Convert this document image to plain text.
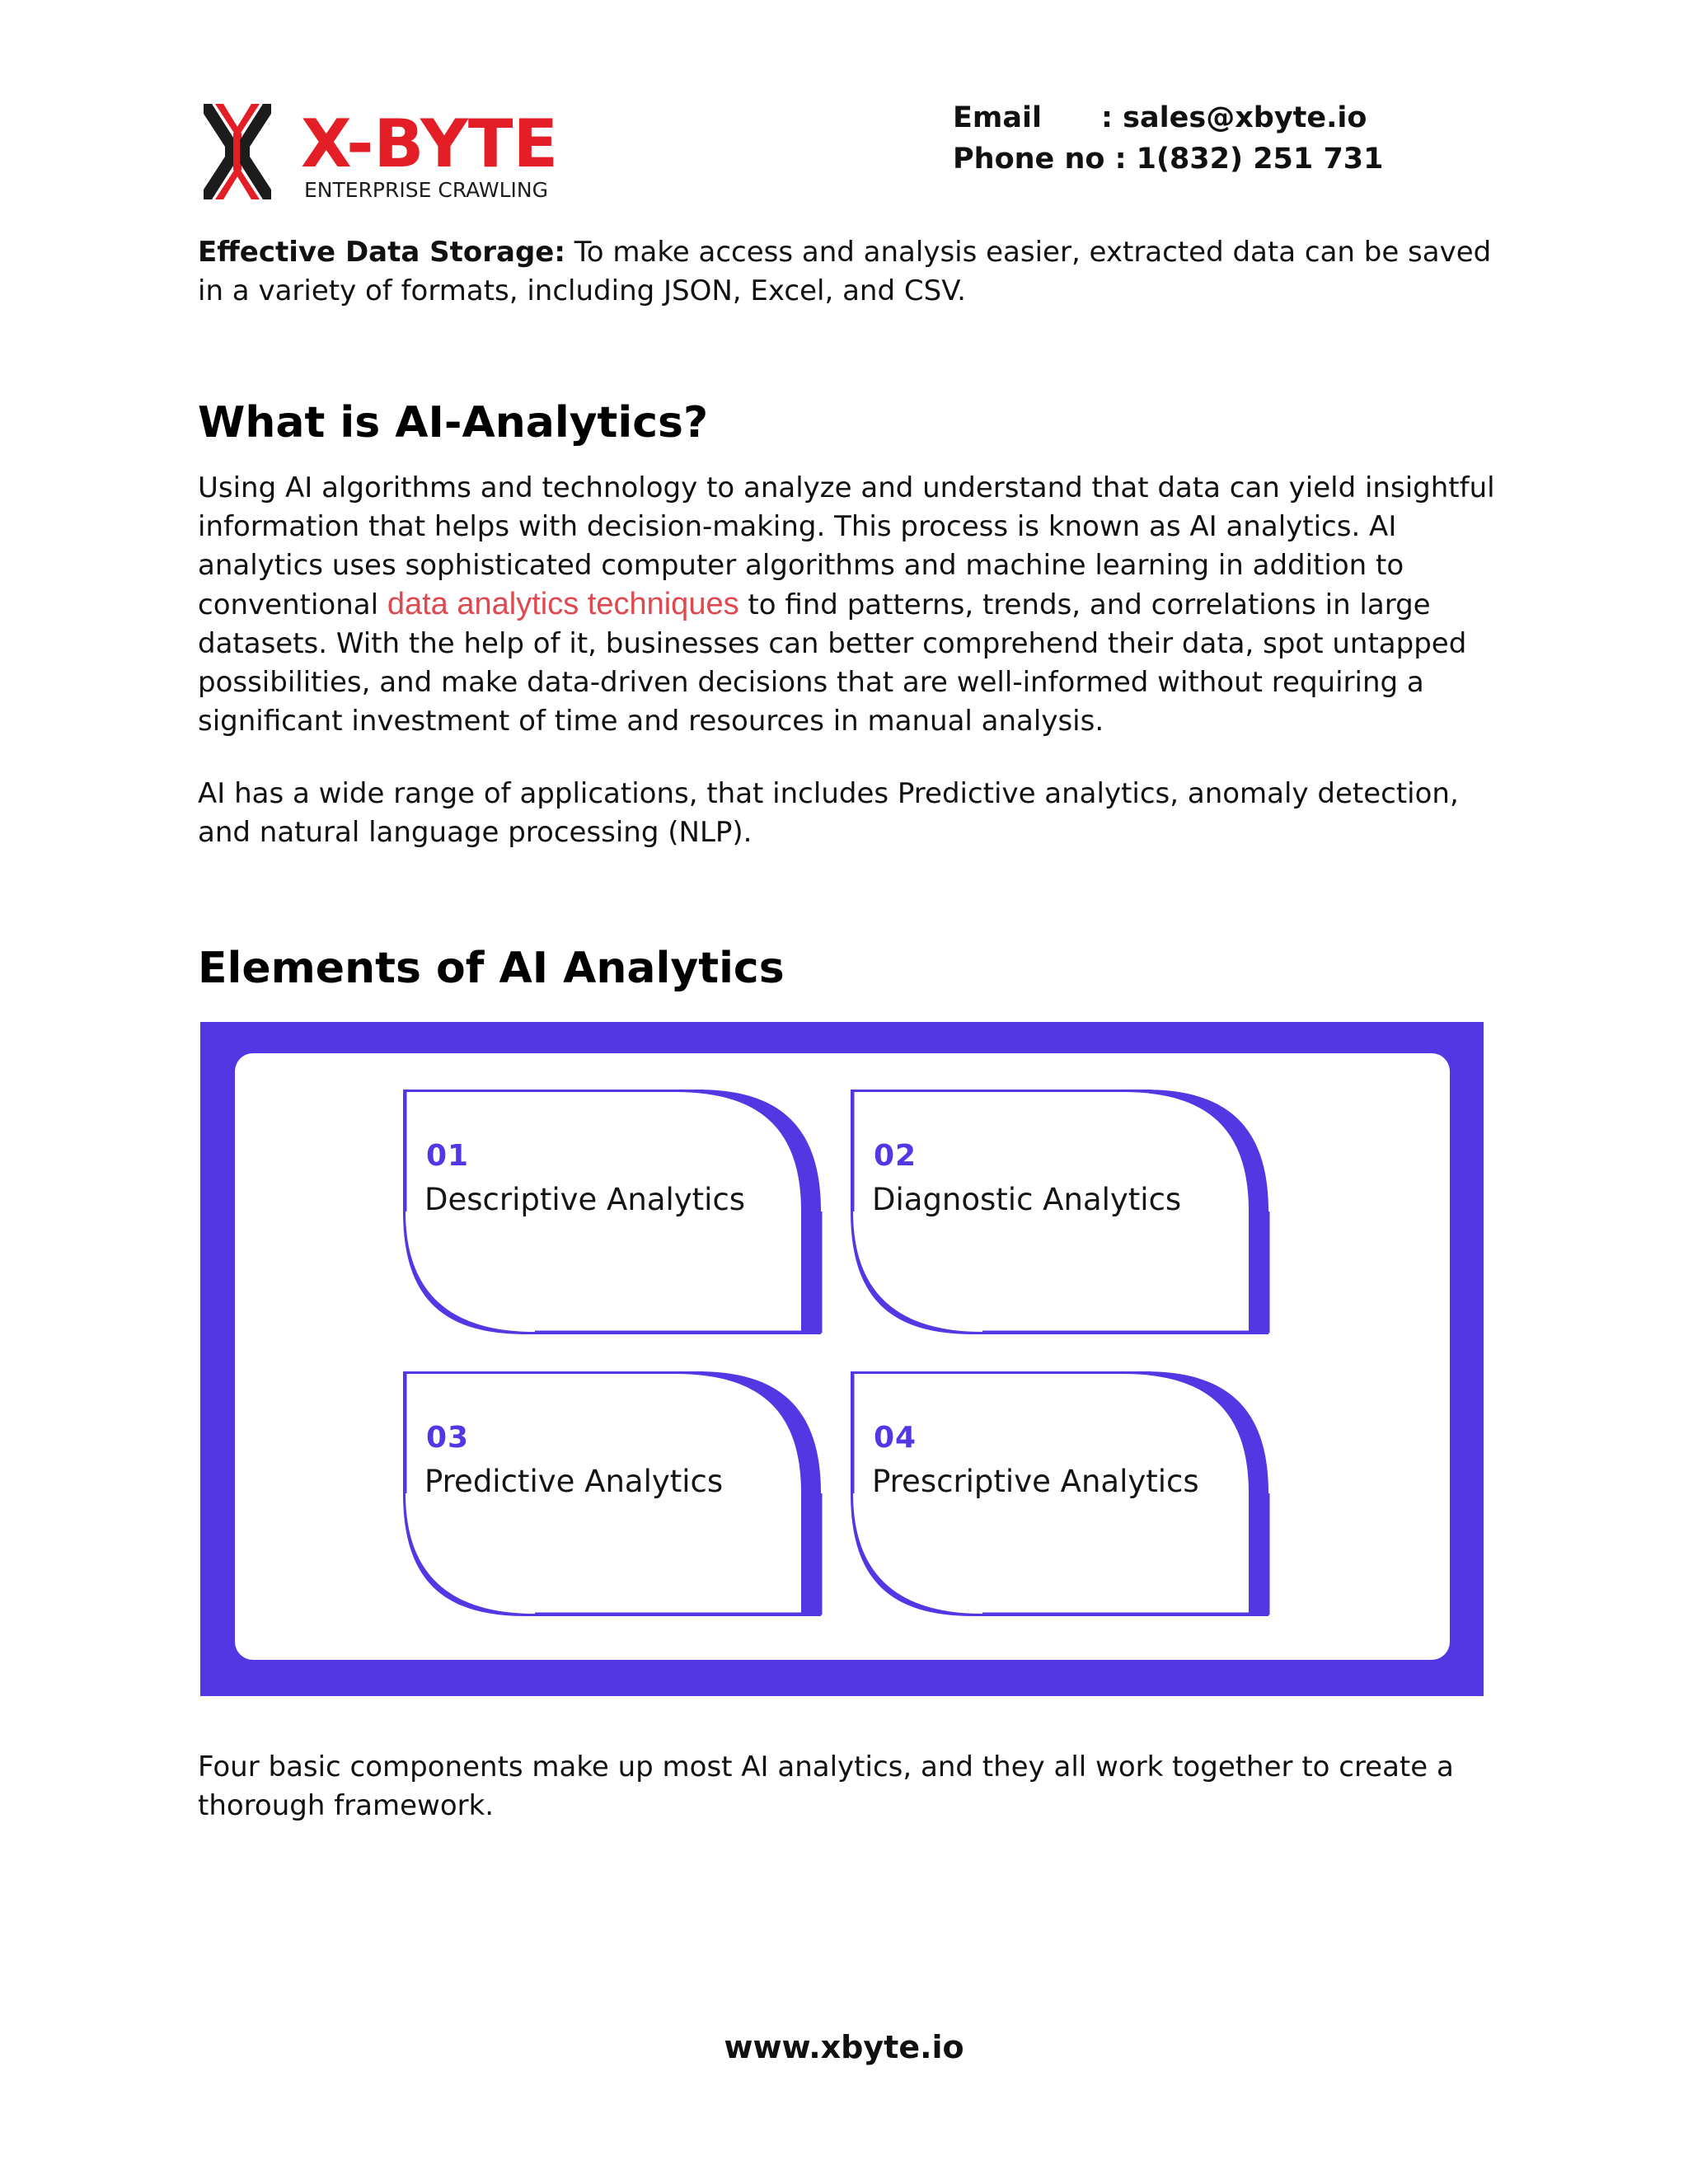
X-BYTE
ENTERPRISE CRAWLING
Email	: sales@xbyte.io
Phone no : 1(832) 251 731
Effective Data Storage: To make access and analysis easier, extracted data can be saved in a variety of formats, including JSON, Excel, and CSV.
What is AI-Analytics?
Using AI algorithms and technology to analyze and understand that data can yield insightful information that helps with decision-making. This process is known as AI analytics. AI analytics uses sophisticated computer algorithms and machine learning in addition to conventional data analytics techniques to find patterns, trends, and correlations in large datasets. With the help of it, businesses can better comprehend their data, spot untapped possibilities, and make data-driven decisions that are well-informed without requiring a significant investment of time and resources in manual analysis.
AI has a wide range of applications, that includes Predictive analytics, anomaly detection, and natural language processing (NLP).
Elements of AI Analytics
01
Descriptive Analytics
02
Diagnostic Analytics
03
Predictive Analytics
04
Prescriptive Analytics
Four basic components make up most AI analytics, and they all work together to create a thorough framework.
www.xbyte.io
